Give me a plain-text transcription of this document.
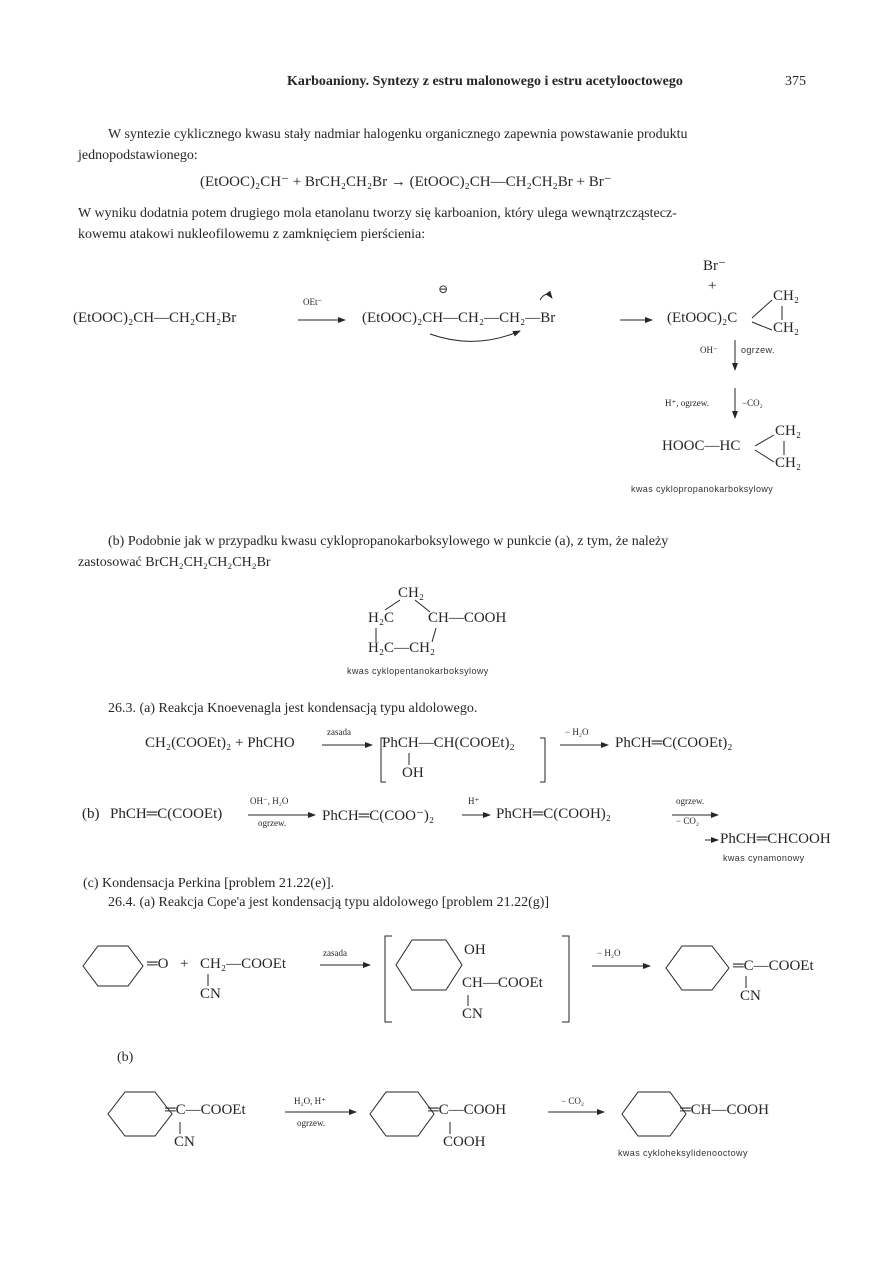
Karboaniony. Syntezy z estru malonowego i estru acetylooctowego	375
W syntezie cyklicznego kwasu stały nadmiar halogenku organicznego zapewnia powstawanie produktu
jednopodstawionego:
(EtOOC)₂CH⁻ + BrCH₂CH₂Br → (EtOOC)₂CH—CH₂CH₂Br + Br⁻
W wyniku dodatnia potem drugiego mola etanolanu tworzy się karboanion, który ulega wewnątrzcząstecz-
kowemu atakowi nukleofilowemu z zamknięciem pierścienia:
(EtOOC)₂CH—CH₂CH₂Br
OEt⁻
⊖
(EtOOC)₂CH—CH₂—CH₂—Br
Br⁻
+
(EtOOC)₂C
CH₂
CH₂
OH⁻	ogrzew.
H⁺, ogrzew.	−CO₂
HOOC—HC
CH₂
CH₂
kwas cyklopropanokarboksylowy
(b) Podobnie jak w przypadku kwasu cyklopropanokarboksylowego w punkcie (a), z tym, że należy
zastosować BrCH₂CH₂CH₂CH₂Br
CH₂
H₂C CH—COOH
H₂C—CH₂
kwas cyklopentanokarboksylowy
26.3. (a) Reakcja Knoevenagla jest kondensacją typu aldolowego.
CH₂(COOEt)₂ + PhCHO
zasada
PhCH—CH(COOEt)₂
OH
− H₂O
PhCH═C(COOEt)₂
(b) PhCH═C(COOEt)
OH⁻, H₂O
ogrzew. PhCH═C(COO⁻)₂
H⁺
PhCH═C(COOH)₂
ogrzew.
− CO₂
PhCH═CHCOOH
kwas cynamonowy
(c) Kondensacja Perkina [problem 21.22(e)].
26.4. (a) Reakcja Cope'a jest kondensacją typu aldolowego [problem 21.22(g)]
═O + CH₂—COOEt
CN
zasada	OH
CH—COOEt
CN
− H₂O
═C—COOEt
CN
(b)
═C—COOEt
CN
H₂O, H⁺
ogrzew.
═C—COOH
COOH
− CO₂
═CH—COOH
kwas cykloheksylidenooctowy
